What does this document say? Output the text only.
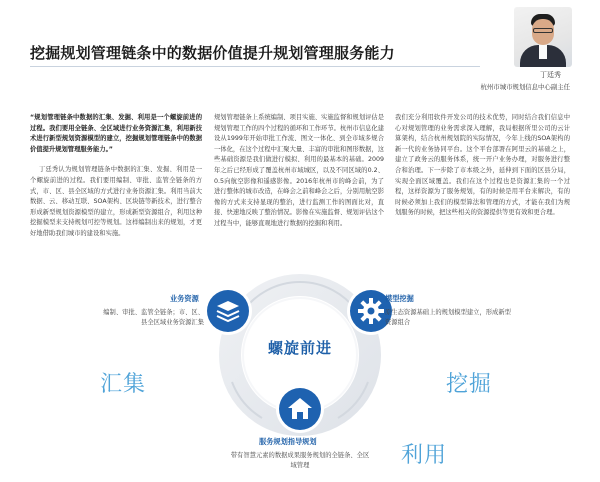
挖掘规划管理链条中的数据价值提升规划管理服务能力
丁廷秀
杭州市城市规划信息中心副主任

“规划管理链条中数据的汇集、发掘、利用是一个螺旋前进的过程。我们要用全链条、全区域进行业务资源汇集，利用新技术进行新型规划资源模型的建立，挖掘规划管理链条中的数据价值提升规划管理服务能力。”

丁廷秀认为规划管理链条中数据的汇集、发掘、利用是一个螺旋前进的过程。我们要用编制、审批、监管全链条的方式，市、区、县全区域的方式进行业务资源汇集。利用当前大数据、云、移动互联、SOA架构、区块链等新技术，进行整合形成新型规划资源模型的建立，形成新型资源组合，利用这种挖掘模型来支持规划可控等规划。这样编制出来的规划，才更好地借助我们城市的建设和实施。

规划管理链条上系统编制、项目实施、实施监督和规划评估是规划管理工作的四个过程的循环和工作环节。杭州市信息化建设从1999年开始审批工作流、图文一体化、到全市域多规合一体化，在这个过程中汇聚大量、丰富的审批和图形数据，这些基础资源是我们做进行模拟、利用的最基本的基础。2009年之后已经形成了覆盖杭州市域城区，以及不同区域的0.2、0.5向航空影像和遥感影像。2016年杭州市的峰会前，为了进行整体的城市改造，在峰会之前和峰会之后，分别用航空影像的方式来支持显现的整治，进行监测工作的图面比对，直接、快速地反映了整治情况。影像在实施监督、规划评估这个过程当中，能够直观地进行数据的挖掘和利用。

我们充分利用软件开发公司的技术优势，同时结合我们信息中心对规划管理的业务需求深入理解，我局根据所里公司的云计算架构，结合杭州规划院的实际情况，今年上线的SOA架构的新一代的业务协同平台。这个平台部署在阿里云的基础之上，建立了政务云的服务体系，统一开户业务办理，对服务进行整合和治理。下一步除了市本级之外，延伸到下面的区县分局，实现全面区域覆盖。我们在这个过程也是资源汇集的一个过程，这样资源为了服务规划，有的时候是用平台来解决，有的时候必须加上我们的模型算法和管理的方式，才能在我们为规划服务的时候，把这些相关的资源提供等更有效和更合理。

螺旋前进
业务资源
编制、审批、监管全链条；市、区、县全区域业务资源汇集
模型挖掘
原生态资源基础上的规划模型建立，形成新型资源组合
服务规划指导规划
带有智慧元素的数据成果服务规划的全链条、全区域管理
汇集	挖掘
利用
